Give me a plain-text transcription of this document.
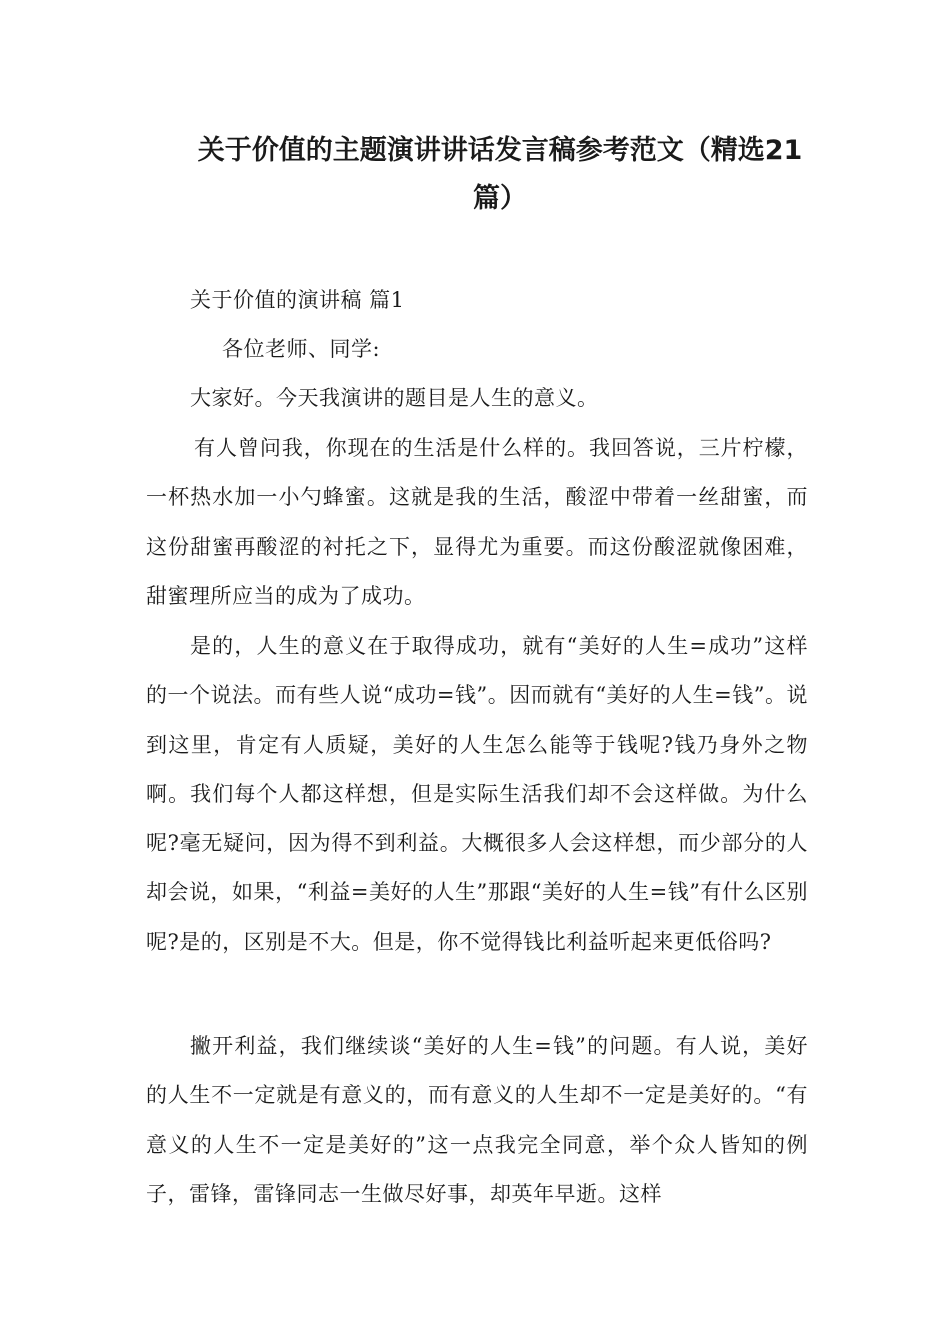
关于价值的主题演讲讲话发言稿参考范文（精选21
篇）

关于价值的演讲稿 篇1

各位老师、同学:

大家好。今天我演讲的题目是人生的意义。

有人曾问我，你现在的生活是什么样的。我回答说，三片柠檬，一杯热水加一小勺蜂蜜。这就是我的生活，酸涩中带着一丝甜蜜，而这份甜蜜再酸涩的衬托之下，显得尤为重要。而这份酸涩就像困难，甜蜜理所应当的成为了成功。

是的，人生的意义在于取得成功，就有“美好的人生=成功”这样的一个说法。而有些人说“成功=钱”。因而就有“美好的人生=钱”。说到这里，肯定有人质疑，美好的人生怎么能等于钱呢?钱乃身外之物啊。我们每个人都这样想，但是实际生活我们却不会这样做。为什么呢?毫无疑问，因为得不到利益。大概很多人会这样想，而少部分的人却会说，如果，“利益=美好的人生”那跟“美好的人生=钱”有什么区别呢?是的，区别是不大。但是，你不觉得钱比利益听起来更低俗吗?

撇开利益，我们继续谈“美好的人生=钱”的问题。有人说，美好的人生不一定就是有意义的，而有意义的人生却不一定是美好的。“有意义的人生不一定是美好的”这一点我完全同意，举个众人皆知的例子，雷锋，雷锋同志一生做尽好事，却英年早逝。这样
